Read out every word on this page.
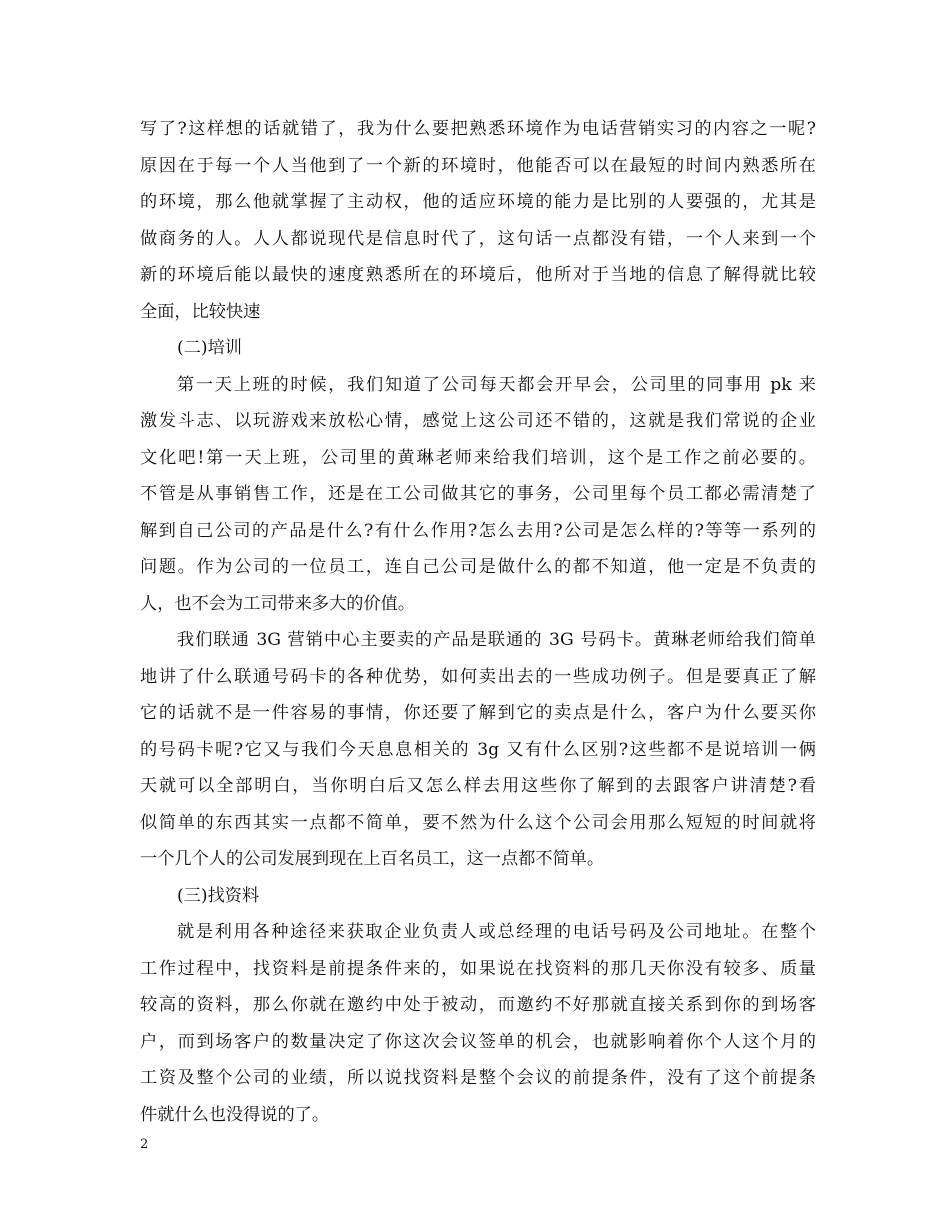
写了?这样想的话就错了，我为什么要把熟悉环境作为电话营销实习的内容之一呢?
原因在于每一个人当他到了一个新的环境时，他能否可以在最短的时间内熟悉所在
的环境，那么他就掌握了主动权，他的适应环境的能力是比别的人要强的，尤其是
做商务的人。人人都说现代是信息时代了，这句话一点都没有错，一个人来到一个
新的环境后能以最快的速度熟悉所在的环境后，他所对于当地的信息了解得就比较
全面，比较快速
(二)培训
第一天上班的时候，我们知道了公司每天都会开早会，公司里的同事用 pk 来
激发斗志、以玩游戏来放松心情，感觉上这公司还不错的，这就是我们常说的企业
文化吧!第一天上班，公司里的黄琳老师来给我们培训，这个是工作之前必要的。
不管是从事销售工作，还是在工公司做其它的事务，公司里每个员工都必需清楚了
解到自己公司的产品是什么?有什么作用?怎么去用?公司是怎么样的?等等一系列的
问题。作为公司的一位员工，连自己公司是做什么的都不知道，他一定是不负责的
人，也不会为工司带来多大的价值。
我们联通 3G 营销中心主要卖的产品是联通的 3G 号码卡。黄琳老师给我们简单
地讲了什么联通号码卡的各种优势，如何卖出去的一些成功例子。但是要真正了解
它的话就不是一件容易的事情，你还要了解到它的卖点是什么，客户为什么要买你
的号码卡呢?它又与我们今天息息相关的 3g 又有什么区别?这些都不是说培训一俩
天就可以全部明白，当你明白后又怎么样去用这些你了解到的去跟客户讲清楚?看
似简单的东西其实一点都不简单，要不然为什么这个公司会用那么短短的时间就将
一个几个人的公司发展到现在上百名员工，这一点都不简单。
(三)找资料
就是利用各种途径来获取企业负责人或总经理的电话号码及公司地址。在整个
工作过程中，找资料是前提条件来的，如果说在找资料的那几天你没有较多、质量
较高的资料，那么你就在邀约中处于被动，而邀约不好那就直接关系到你的到场客
户，而到场客户的数量决定了你这次会议签单的机会，也就影响着你个人这个月的
工资及整个公司的业绩，所以说找资料是整个会议的前提条件，没有了这个前提条
件就什么也没得说的了。
2
